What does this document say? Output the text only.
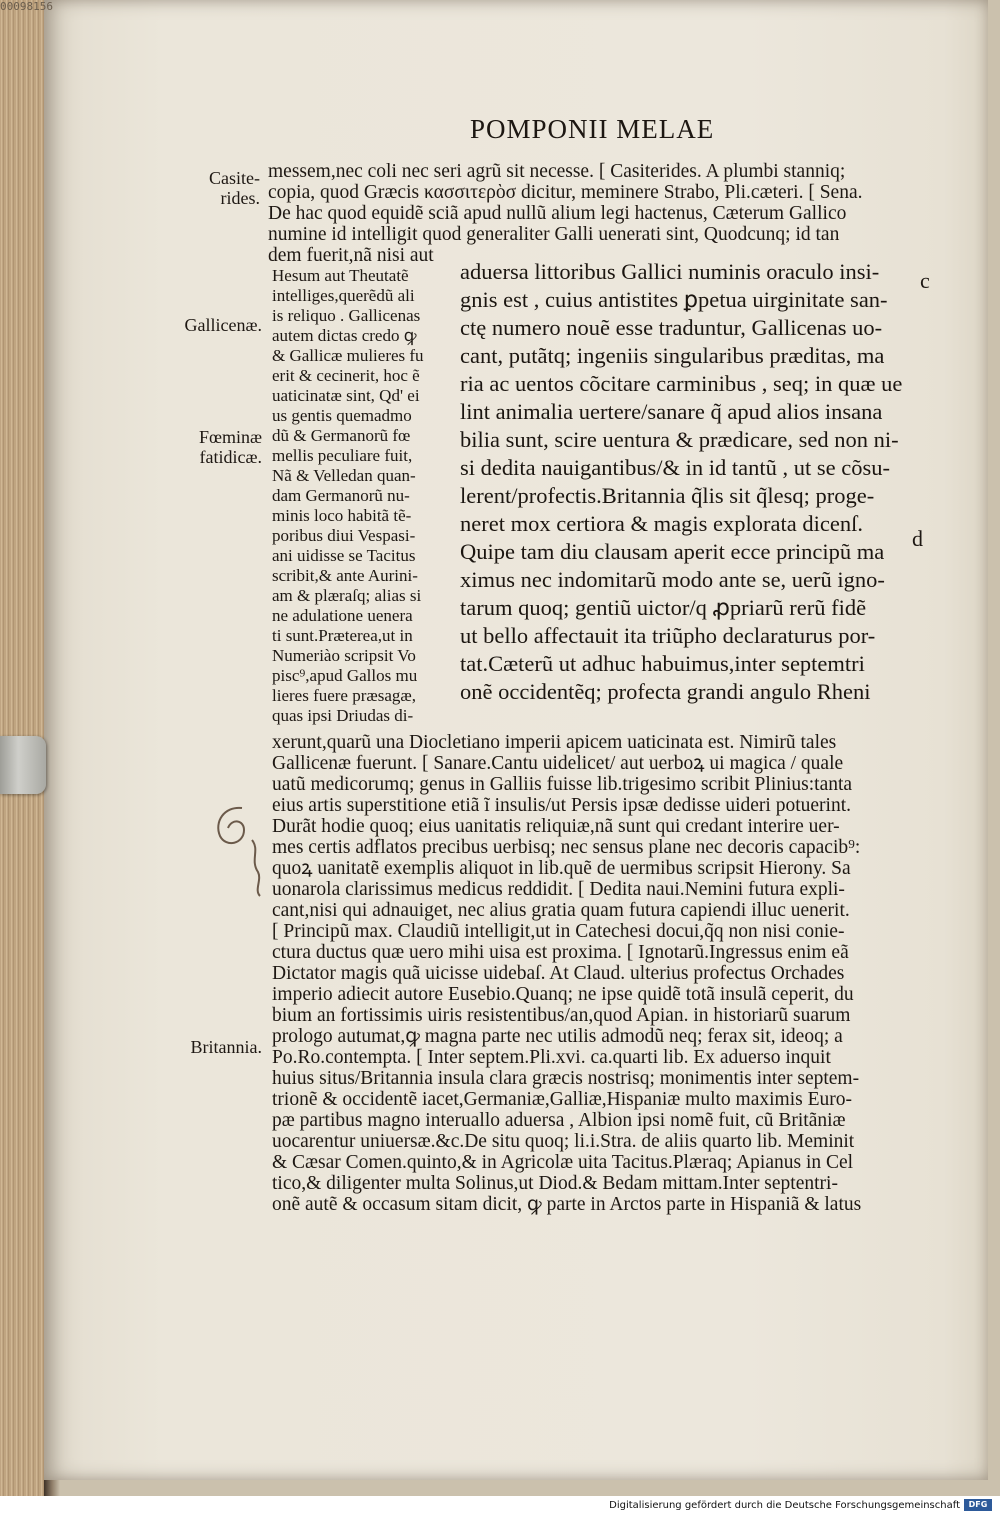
00098156
POMPONII MELAE
c
d
Casite-
rides.
Gallicenæ.
Fœminæ
fatidicæ.
Britannia.
messem,nec coli nec seri agrũ sit necesse. [ Casiterides. A plumbi stanniq;
copia, quod Græcis κασσιτερὸσ dicitur, meminere Strabo, Pli.cæteri. [ Sena.
De hac quod equidẽ sciã apud nullũ alium legi hactenus, Cæterum Gallico
numine id intelligit quod generaliter Galli uenerati sint, Quodcunq; id tan
dem fuerit,nã nisi aut
Hesum aut Theutatẽ
intelliges,querẽdũ ali
is reliquo . Gallicenas
autem dictas credo ꝙ
& Gallicæ mulieres fu
erit & cecinerit, hoc ẽ
uaticinatæ sint, Qd' ei
us gentis quemadmo
dũ & Germanorũ fœ
mellis peculiare fuit,
Nã & Velledan quan-
dam Germanorũ nu-
minis loco habitã tẽ-
poribus diui Vespasi-
ani uidisse se Tacitus
scribit,& ante Aurini-
am & plæraſq; alias si
ne adulatione uenera
ti sunt.Præterea,ut in
Numeriào scripsit Vo
pisc⁹,apud Gallos mu
lieres fuere præsagæ,
quas ipsi Driudas di-
aduersa littoribus Gallici numinis oraculo insi-
gnis est , cuius antistites ꝑpetua uirginitate san-
ctę numero nouẽ esse traduntur, Gallicenas uo-
cant, putãtq; ingeniis singularibus præditas, ma
ria ac uentos cõcitare carminibus , seq; in quæ ue
lint animalia uertere/sanare q̃ apud alios insana
bilia sunt, scire uentura & prædicare, sed non ni-
si dedita nauigantibus/& in id tantũ , ut se cõsu-
lerent/profectis.Britannia q̃lis sit q̃lesq; proge-
neret mox certiora & magis explorata dicenſ.
Quipe tam diu clausam aperit ecce principũ ma
ximus nec indomitarũ modo ante se, uerũ igno-
tarum quoq; gentiũ uictor/q ꝓpriarũ rerũ fidẽ
ut bello affectauit ita triũpho declaraturus por-
tat.Cæterũ ut adhuc habuimus,inter septemtri
onẽ occidentẽq; profecta grandi angulo Rheni
xerunt,quarũ una Diocletiano imperii apicem uaticinata est. Nimirũ tales
Gallicenæ fuerunt. [ Sanare.Cantu uidelicet/ aut uerboꝝ ui magica / quale
uatũ medicorumq; genus in Galliis fuisse lib.trigesimo scribit Plinius:tanta
eius artis superstitione etiã ĩ insulis/ut Persis ipsæ dedisse uideri potuerint.
Durãt hodie quoq; eius uanitatis reliquiæ,nã sunt qui credant interire uer-
mes certis adflatos precibus uerbisq; nec sensus plane nec decoris capacib⁹:
quoꝝ uanitatẽ exemplis aliquot in lib.quẽ de uermibus scripsit Hierony. Sa
uonarola clarissimus medicus reddidit. [ Dedita naui.Nemini futura expli-
cant,nisi qui adnauiget, nec alius gratia quam futura capiendi illuc uenerit.
[ Principũ max. Claudiũ intelligit,ut in Catechesi docui,q̃q non nisi conie-
ctura ductus quæ uero mihi uisa est proxima. [ Ignotarũ.Ingressus enim eã
Dictator magis quã uicisse uidebaſ. At Claud. ulterius profectus Orchades
imperio adiecit autore Eusebio.Quanq; ne ipse quidẽ totã insulã ceperit, du
bium an fortissimis uiris resistentibus/an,quod Apian. in historiarũ suarum
prologo autumat,ꝙ magna parte nec utilis admodũ neq; ferax sit, ideoq; a
Po.Ro.contempta. [ Inter septem.Pli.xvi. ca.quarti lib. Ex aduerso inquit
huius situs/Britannia insula clara græcis nostrisq; monimentis inter septem-
trionẽ & occidentẽ iacet,Germaniæ,Galliæ,Hispaniæ multo maximis Euro-
pæ partibus magno interuallo aduersa , Albion ipsi nomẽ fuit, cũ Britãniæ
uocarentur uniuersæ.&c.De situ quoq; li.i.Stra. de aliis quarto lib. Meminit
& Cæsar Comen.quinto,& in Agricolæ uita Tacitus.Plæraq; Apianus in Cel
tico,& diligenter multa Solinus,ut Diod.& Bedam mittam.Inter septentri-
onẽ autẽ & occasum sitam dicit, ꝙ parte in Arctos parte in Hispaniã & latus
Digitalisierung gefördert durch die Deutsche Forschungsgemeinschaft	DFG
